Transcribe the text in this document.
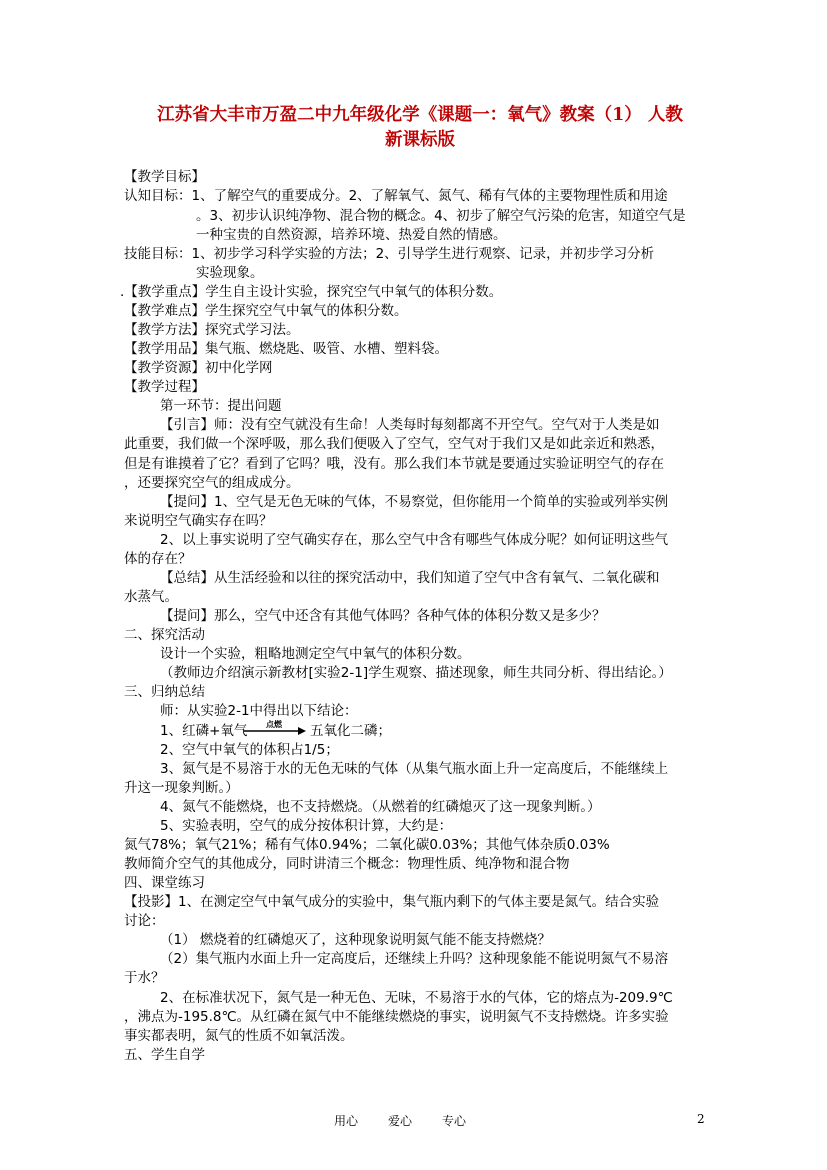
江苏省大丰市万盈二中九年级化学《课题一：氧气》教案（1） 人教
新课标版
【教学目标】
认知目标：1、了解空气的重要成分。2、了解氧气、氮气、稀有气体的主要物理性质和用途
。3、初步认识纯净物、混合物的概念。4、初步了解空气污染的危害，知道空气是
一种宝贵的自然资源，培养环境、热爱自然的情感。
技能目标：1、初步学习科学实验的方法；2、引导学生进行观察、记录，并初步学习分析
实验现象。
.【教学重点】学生自主设计实验，探究空气中氧气的体积分数。
【教学难点】学生探究空气中氧气的体积分数。
【教学方法】探究式学习法。
【教学用品】集气瓶、燃烧匙、吸管、水槽、塑料袋。
【教学资源】初中化学网
【教学过程】
第一环节：提出问题
【引言】师：没有空气就没有生命！人类每时每刻都离不开空气。空气对于人类是如
此重要，我们做一个深呼吸，那么我们便吸入了空气，空气对于我们又是如此亲近和熟悉，
但是有谁摸着了它？看到了它吗？哦，没有。那么我们本节就是要通过实验证明空气的存在
，还要探究空气的组成成分。
【提问】1、空气是无色无味的气体，不易察觉，但你能用一个简单的实验或列举实例
来说明空气确实存在吗？
2、以上事实说明了空气确实存在，那么空气中含有哪些气体成分呢？如何证明这些气
体的存在？
【总结】从生活经验和以往的探究活动中，我们知道了空气中含有氧气、二氧化碳和
水蒸气。
【提问】那么，空气中还含有其他气体吗？各种气体的体积分数又是多少？
二、探究活动
设计一个实验，粗略地测定空气中氧气的体积分数。
（教师边介绍演示新教材[实验2-1]学生观察、描述现象，师生共同分析、得出结论。）
三、归纳总结
师：从实验2-1中得出以下结论：
1、红磷+氧气	点燃	五氧化二磷；
2、空气中氧气的体积占1/5；
3、氮气是不易溶于水的无色无味的气体（从集气瓶水面上升一定高度后，不能继续上
升这一现象判断。）
4、氮气不能燃烧，也不支持燃烧。（从燃着的红磷熄灭了这一现象判断。）
5、实验表明，空气的成分按体积计算，大约是：
氮气78%；氧气21%；稀有气体0.94%；二氧化碳0.03%；其他气体杂质0.03%
教师简介空气的其他成分，同时讲清三个概念：物理性质、纯净物和混合物
四、课堂练习
【投影】1、在测定空气中氧气成分的实验中，集气瓶内剩下的气体主要是氮气。结合实验
讨论：
（1） 燃烧着的红磷熄灭了，这种现象说明氮气能不能支持燃烧？
（2）集气瓶内水面上升一定高度后，还继续上升吗？这种现象能不能说明氮气不易溶
于水？
2、在标准状况下，氮气是一种无色、无味，不易溶于水的气体，它的熔点为-209.9℃
，沸点为-195.8℃。从红磷在氮气中不能继续燃烧的事实，说明氮气不支持燃烧。许多实验
事实都表明，氮气的性质不如氧活泼。
五、学生自学
用心 爱心 专心	2
